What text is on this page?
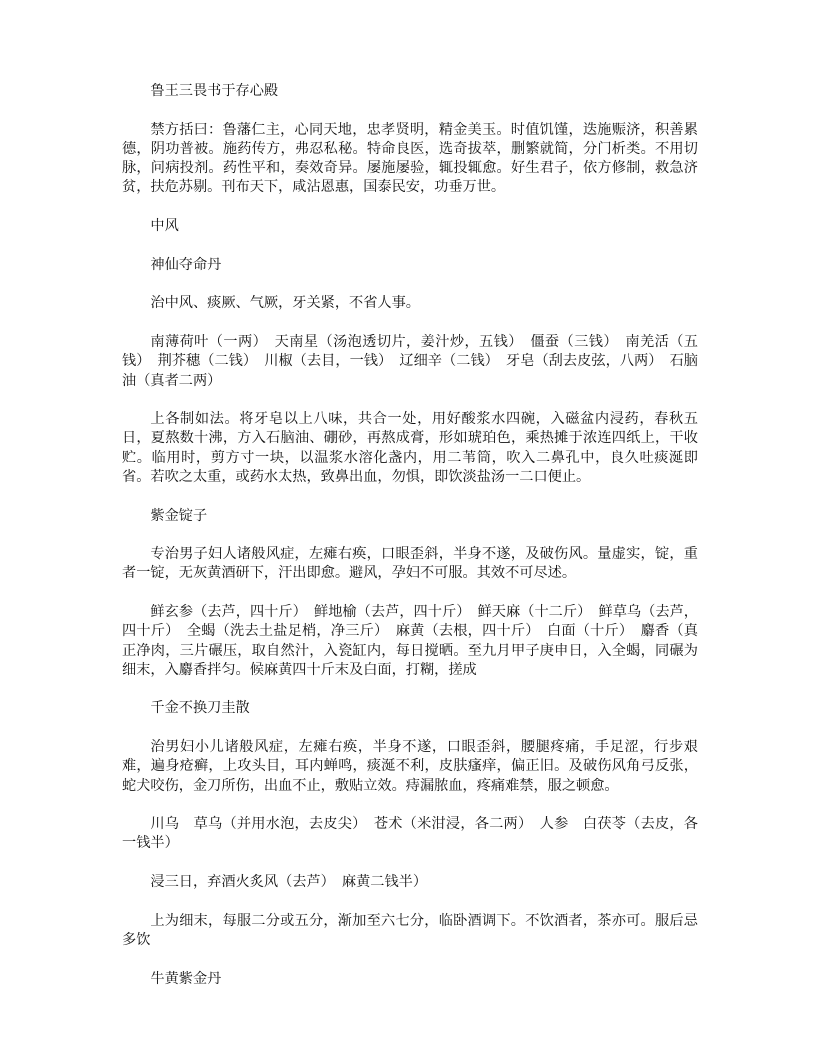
鲁王三畏书于存心殿

禁方括曰：鲁藩仁主，心同天地，忠孝贤明，精金美玉。时值饥馑，迭施赈济，积善累德，阴功普被。施药传方，弗忍私秘。特命良医，选奇拔萃，删繁就简，分门析类。不用切脉，问病投剂。药性平和，奏效奇异。屡施屡验，辄投辄愈。好生君子，依方修制，救急济贫，扶危苏剔。刊布天下，咸沾恩惠，国泰民安，功垂万世。

中风

神仙夺命丹

治中风、痰厥、气厥，牙关紧，不省人事。

南薄荷叶（一两）　天南星（汤泡透切片，姜汁炒，五钱）　僵蚕（三钱）　南羌活（五钱）　荆芥穗（二钱）　川椒（去目，一钱）　辽细辛（二钱）　牙皂（刮去皮弦，八两）　石脑油（真者二两）

上各制如法。将牙皂以上八味，共合一处，用好酸浆水四碗，入磁盆内浸药，春秋五日，夏熬数十沸，方入石脑油、硼砂，再熬成膏，形如琥珀色，乘热摊于浓连四纸上，干收贮。临用时，剪方寸一块，以温浆水溶化盏内，用二苇筒，吹入二鼻孔中，良久吐痰涎即省。若吹之太重，或药水太热，致鼻出血，勿惧，即饮淡盐汤一二口便止。

紫金锭子

专治男子妇人诸般风症，左瘫右痪，口眼歪斜，半身不遂，及破伤风。量虚实，锭，重者一锭，无灰黄酒研下，汗出即愈。避风，孕妇不可服。其效不可尽述。

鲜玄参（去芦，四十斤）　鲜地榆（去芦，四十斤）　鲜天麻（十二斤）　鲜草乌（去芦，四十斤）　全蝎（洗去土盐足梢，净三斤）　麻黄（去根，四十斤）　白面（十斤）　麝香（真正净肉，三片碾压，取自然汁，入瓷缸内，每日搅晒。至九月甲子庚申日，入全蝎，同碾为细末，入麝香拌匀。候麻黄四十斤末及白面，打糊，搓成

千金不换刀圭散

治男妇小儿诸般风症，左瘫右痪，半身不遂，口眼歪斜，腰腿疼痛，手足涩，行步艰难，遍身疮癣，上攻头目，耳内蝉鸣，痰涎不利，皮肤瘙痒，偏正旧。及破伤风角弓反张，蛇犬咬伤，金刀所伤，出血不止，敷贴立效。痔漏脓血，疼痛难禁，服之顿愈。

川乌　草乌（并用水泡，去皮尖）　苍术（米泔浸，各二两）　人参　白茯苓（去皮，各一钱半）

浸三日，弃酒火炙风（去芦）　麻黄二钱半）

上为细末，每服二分或五分，渐加至六七分，临卧酒调下。不饮酒者，茶亦可。服后忌多饮

牛黄紫金丹
